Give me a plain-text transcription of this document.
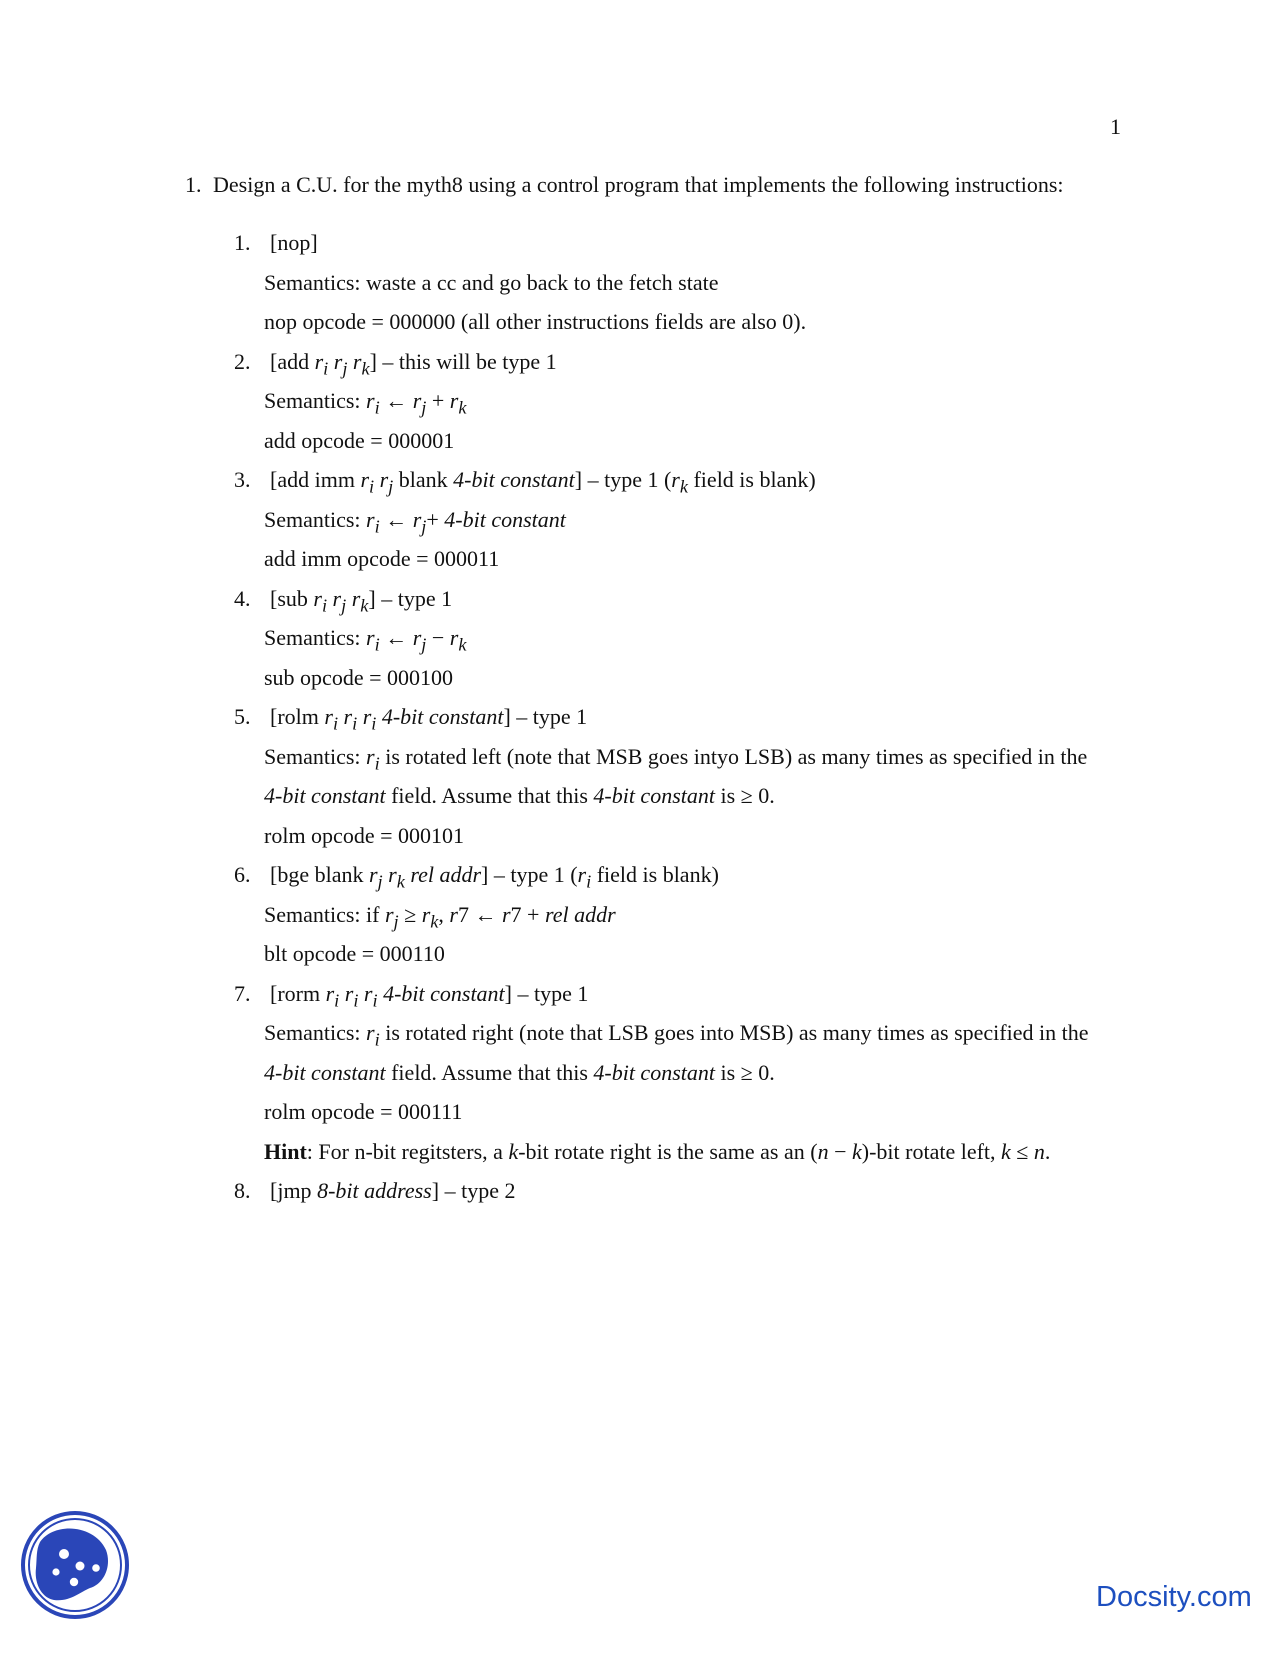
1
1. Design a C.U. for the myth8 using a control program that implements the following instructions:
1. [nop]
Semantics: waste a cc and go back to the fetch state
nop opcode = 000000 (all other instructions fields are also 0).
2. [add $r_i$ $r_j$ $r_k$] – this will be type 1
Semantics: $r_i$ ← $r_j + r_k$
add opcode = 000001
3. [add imm $r_i$ $r_j$ blank 4-bit constant] – type 1 ($r_k$ field is blank)
Semantics: $r_i$ ← $r_j+ 4-bit$ constant
add imm opcode = 000011
4. [sub $r_i$ $r_j$ $r_k$] – type 1
Semantics: $r_i$ ← $r_j - r_k$
sub opcode = 000100
5. [rolm $r_i$ $r_i$ $r_i$ 4-bit constant] – type 1
Semantics: $r_i$ is rotated left (note that MSB goes intyo LSB) as many times as specified in the
4-bit constant field. Assume that this 4-bit constant is ≥ 0.
rolm opcode = 000101
6. [bge blank $r_j$ $r_k$ rel addr] – type 1 ($r_i$ field is blank)
Semantics: if $r_j \ge r_k$, r7 ← r7 + rel addr
blt opcode = 000110
7. [rorm $r_i$ $r_i$ $r_i$ 4-bit constant] – type 1
Semantics: $r_i$ is rotated right (note that LSB goes into MSB) as many times as specified in the
4-bit constant field. Assume that this 4-bit constant is ≥ 0.
rolm opcode = 000111
Hint: For n-bit regitsters, a k-bit rotate right is the same as an (n − k)-bit rotate left, k ≤ n.
8. [jmp 8-bit address] – type 2
Docsity.com
